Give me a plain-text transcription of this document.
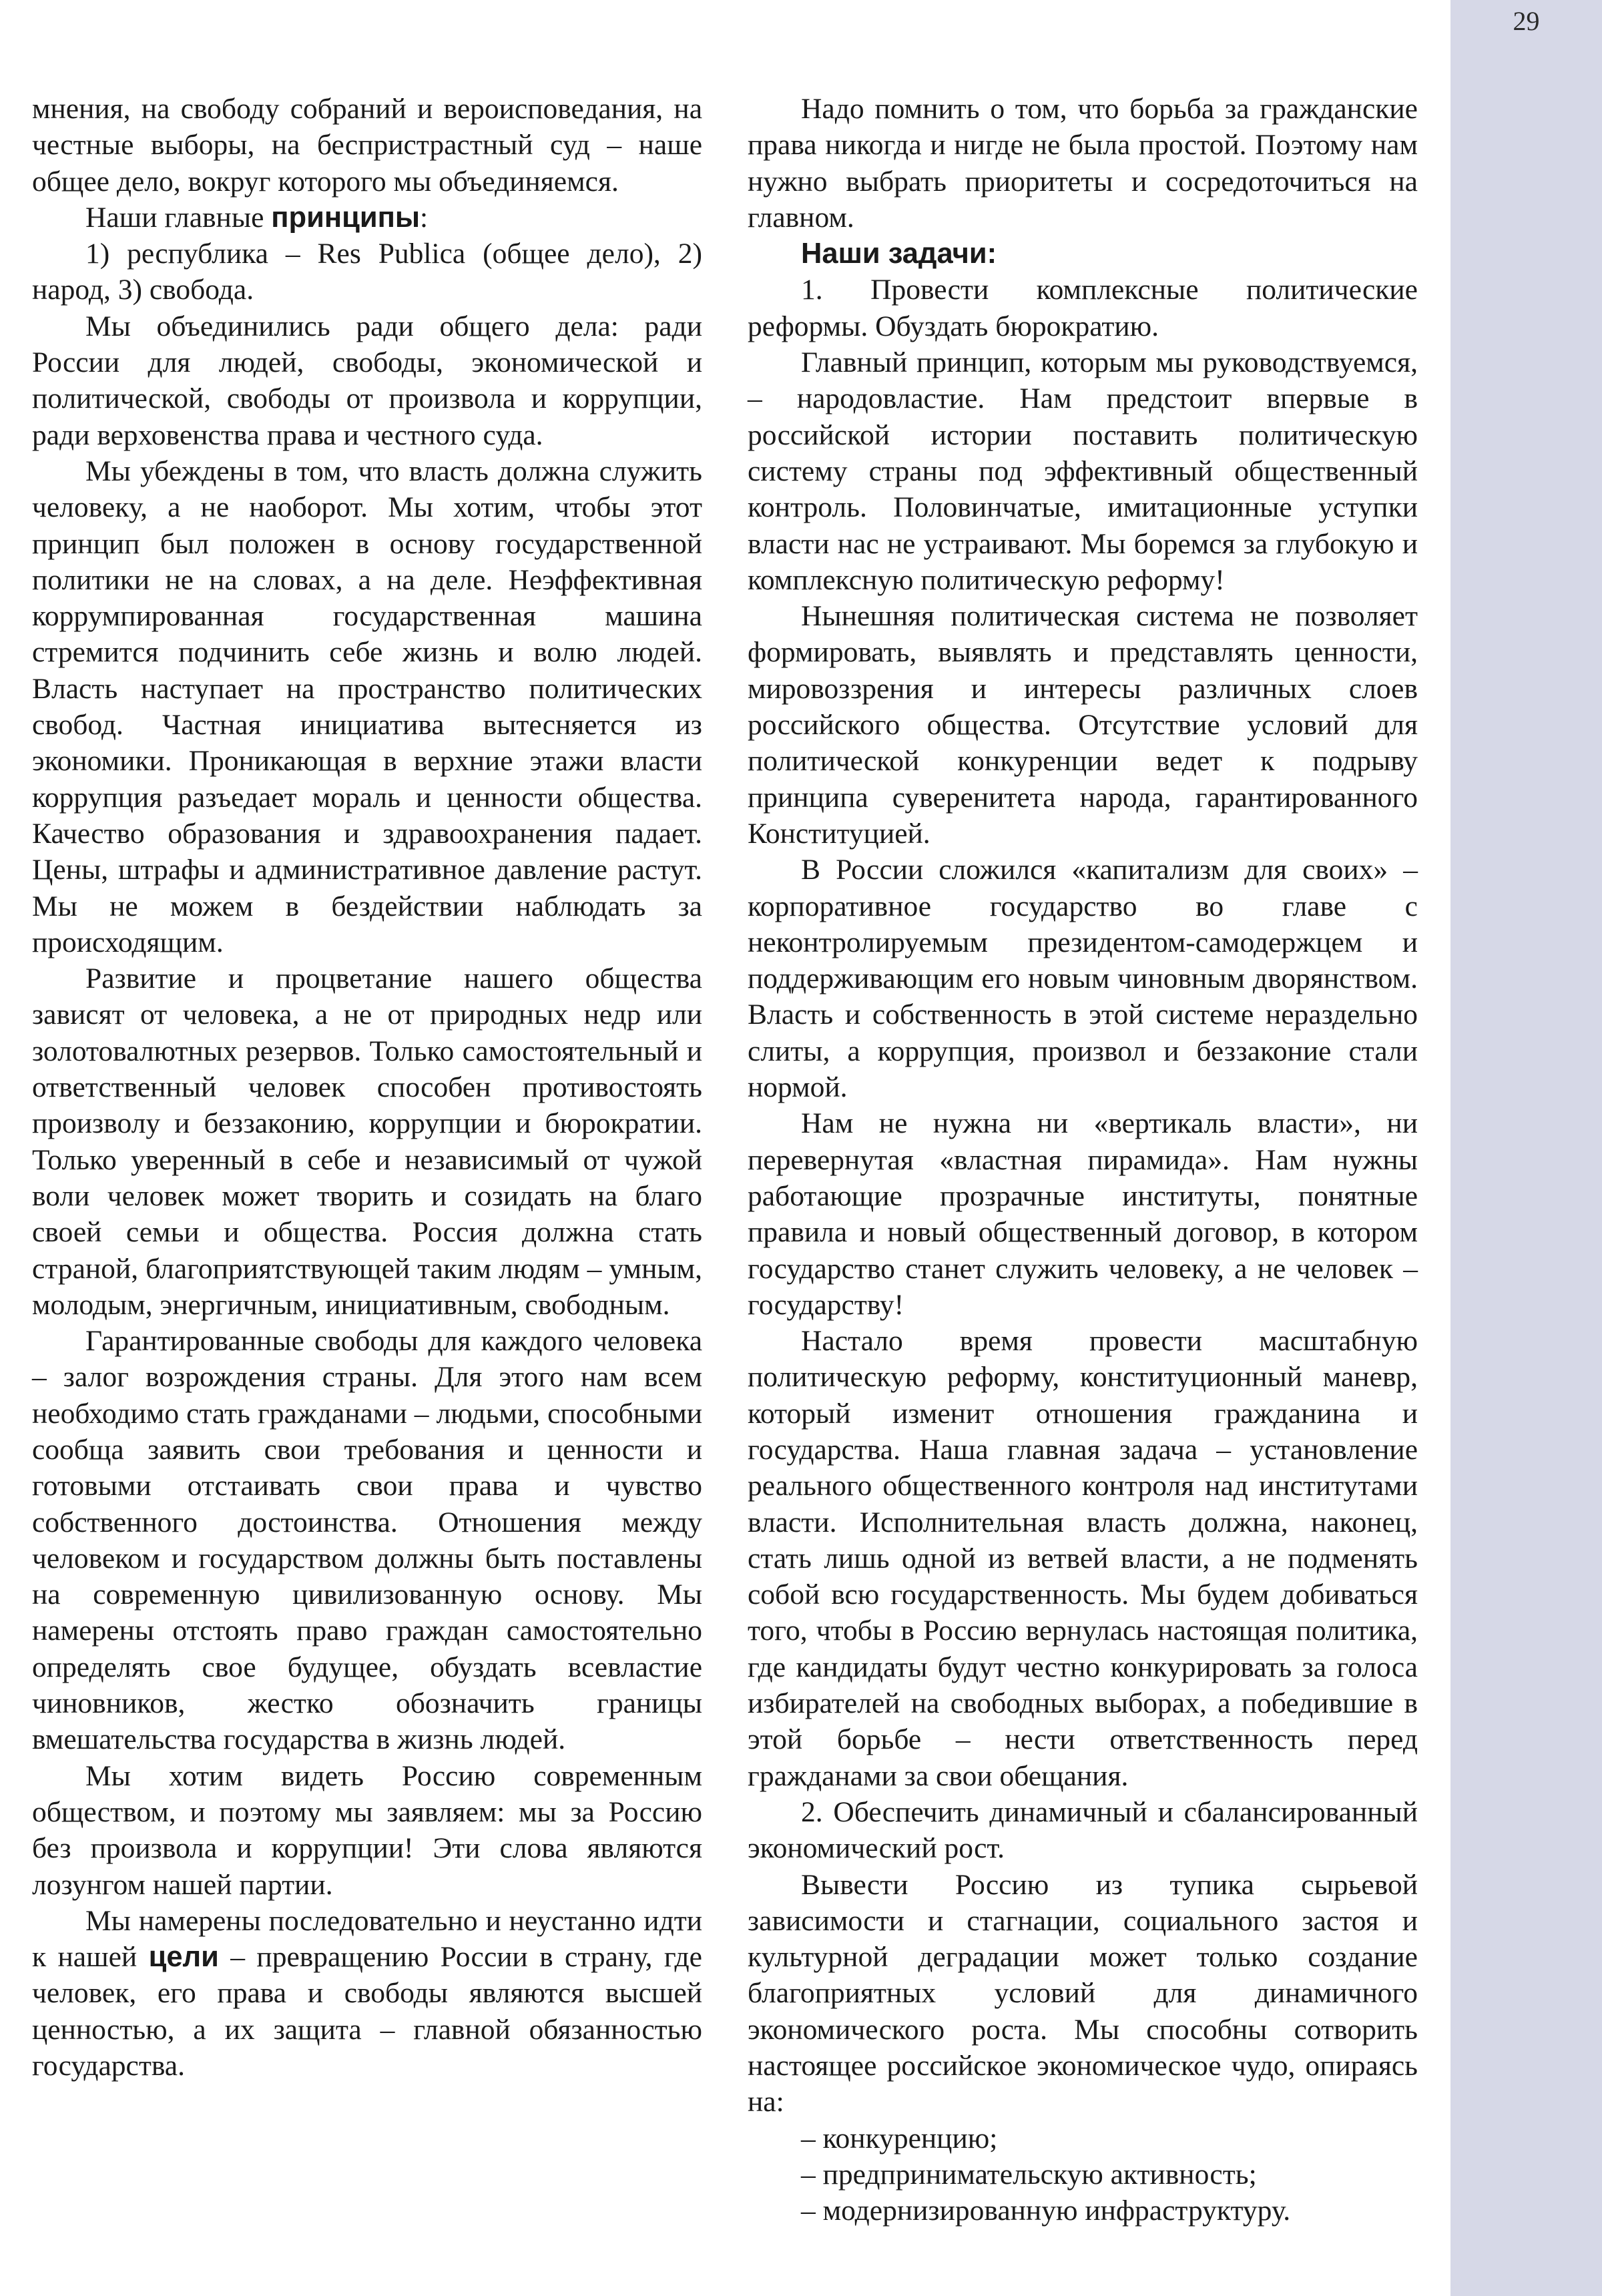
29

мнения, на свободу собраний и вероисповедания, на честные выборы, на беспристрастный суд – наше общее дело, вокруг которого мы объединяемся.

Наши главные принципы:

1) республика – Res Publica (общее дело), 2) народ, 3) свобода.

Мы объединились ради общего дела: ради России для людей, свободы, экономической и политической, свободы от произвола и коррупции, ради верховенства права и честного суда.

Мы убеждены в том, что власть должна служить человеку, а не наоборот. Мы хотим, чтобы этот принцип был положен в основу государственной политики не на словах, а на деле. Неэффективная коррумпированная государственная машина стремится подчинить себе жизнь и волю людей. Власть наступает на пространство политических свобод. Частная инициатива вытесняется из экономики. Проникающая в верхние этажи власти коррупция разъедает мораль и ценности общества. Качество образования и здравоохранения падает. Цены, штрафы и административное давление растут. Мы не можем в бездействии наблюдать за происходящим.

Развитие и процветание нашего общества зависят от человека, а не от природных недр или золотовалютных резервов. Только самостоятельный и ответственный человек способен противостоять произволу и беззаконию, коррупции и бюрократии. Только уверенный в себе и независимый от чужой воли человек может творить и созидать на благо своей семьи и общества. Россия должна стать страной, благоприятствующей таким людям – умным, молодым, энергичным, инициативным, свободным.

Гарантированные свободы для каждого человека – залог возрождения страны. Для этого нам всем необходимо стать гражданами – людьми, способными сообща заявить свои требования и ценности и готовыми отстаивать свои права и чувство собственного достоинства. Отношения между человеком и государством должны быть поставлены на современную цивилизованную основу. Мы намерены отстоять право граждан самостоятельно определять свое будущее, обуздать всевластие чиновников, жестко обозначить границы вмешательства государства в жизнь людей.

Мы хотим видеть Россию современным обществом, и поэтому мы заявляем: мы за Россию без произвола и коррупции! Эти слова являются лозунгом нашей партии.

Мы намерены последовательно и неустанно идти к нашей цели – превращению России в страну, где человек, его права и свободы являются высшей ценностью, а их защита – главной обязанностью государства.

Надо помнить о том, что борьба за гражданские права никогда и нигде не была простой. Поэтому нам нужно выбрать приоритеты и сосредоточиться на главном.

Наши задачи:

1. Провести комплексные политические реформы. Обуздать бюрократию.

Главный принцип, которым мы руководствуемся, – народовластие. Нам предстоит впервые в российской истории поставить политическую систему страны под эффективный общественный контроль. Половинчатые, имитационные уступки власти нас не устраивают. Мы боремся за глубокую и комплексную политическую реформу!

Нынешняя политическая система не позволяет формировать, выявлять и представлять ценности, мировоззрения и интересы различных слоев российского общества. Отсутствие условий для политической конкуренции ведет к подрыву принципа суверенитета народа, гарантированного Конституцией.

В России сложился «капитализм для своих» – корпоративное государство во главе с неконтролируемым президентом-самодержцем и поддерживающим его новым чиновным дворянством. Власть и собственность в этой системе нераздельно слиты, а коррупция, произвол и беззаконие стали нормой.

Нам не нужна ни «вертикаль власти», ни перевернутая «властная пирамида». Нам нужны работающие прозрачные институты, понятные правила и новый общественный договор, в котором государство станет служить человеку, а не человек – государству!

Настало время провести масштабную политическую реформу, конституционный маневр, который изменит отношения гражданина и государства. Наша главная задача – установление реального общественного контроля над институтами власти. Исполнительная власть должна, наконец, стать лишь одной из ветвей власти, а не подменять собой всю государственность. Мы будем добиваться того, чтобы в Россию вернулась настоящая политика, где кандидаты будут честно конкурировать за голоса избирателей на свободных выборах, а победившие в этой борьбе – нести ответственность перед гражданами за свои обещания.

2. Обеспечить динамичный и сбалансированный экономический рост.

Вывести Россию из тупика сырьевой зависимости и стагнации, социального застоя и культурной деградации может только создание благоприятных условий для динамичного экономического роста. Мы способны сотворить настоящее российское экономическое чудо, опираясь на:

– конкуренцию;

– предпринимательскую активность;

– модернизированную инфраструктуру.
